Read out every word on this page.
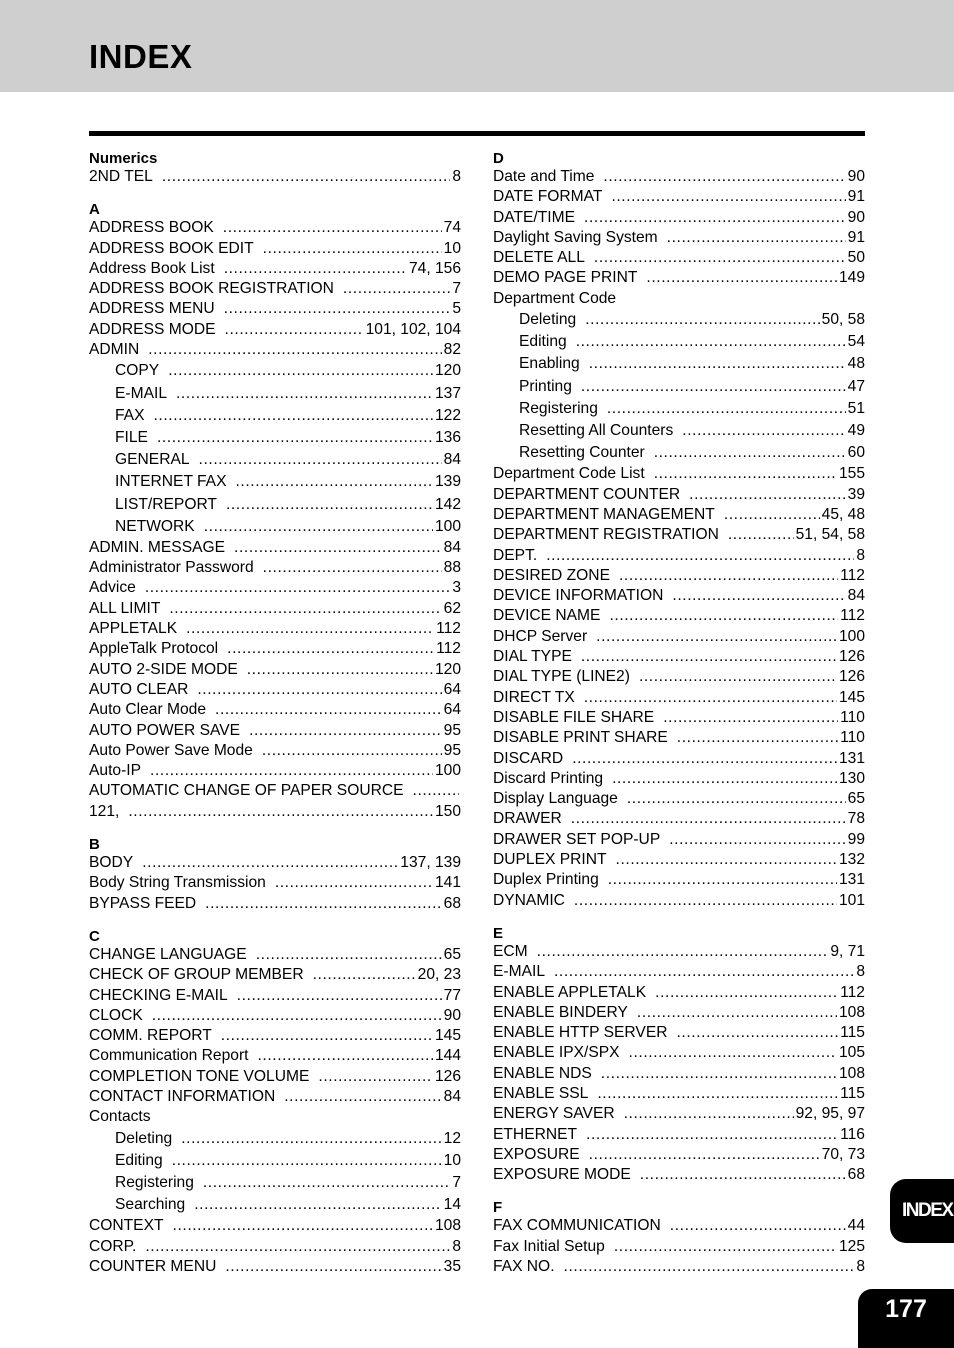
INDEX
Numerics
2ND TEL .....	8
A
ADDRESS BOOK .....	74
ADDRESS BOOK EDIT .....	10
Address Book List .....	74, 156
ADDRESS BOOK REGISTRATION .....	7
ADDRESS MENU .....	5
ADDRESS MODE .....	101, 102, 104
ADMIN .....	82
COPY .....	120
E-MAIL .....	137
FAX .....	122
FILE .....	136
GENERAL .....	84
INTERNET FAX .....	139
LIST/REPORT .....	142
NETWORK .....	100
ADMIN. MESSAGE .....	84
Administrator Password .....	88
Advice .....	3
ALL LIMIT .....	62
APPLETALK .....	112
AppleTalk Protocol .....	112
AUTO 2-SIDE MODE .....	120
AUTO CLEAR .....	64
Auto Clear Mode .....	64
AUTO POWER SAVE .....	95
Auto Power Save Mode .....	95
Auto-IP .....	100
AUTOMATIC CHANGE OF PAPER SOURCE
.....
121, .....	150
B
BODY .....	137, 139
Body String Transmission .....	141
BYPASS FEED .....	68
C
CHANGE LANGUAGE .....	65
CHECK OF GROUP MEMBER .....	20, 23
CHECKING E-MAIL .....	77
CLOCK .....	90
COMM. REPORT .....	145
Communication Report .....	144
COMPLETION TONE VOLUME .....	126
CONTACT INFORMATION .....	84
Contacts
Deleting .....	12
Editing .....	10
Registering .....	7
Searching .....	14
CONTEXT .....	108
CORP. .....	8
COUNTER MENU .....	35
D
Date and Time .....	90
DATE FORMAT .....	91
DATE/TIME .....	90
Daylight Saving System .....	91
DELETE ALL .....	50
DEMO PAGE PRINT .....	149
Department Code
Deleting .....	50, 58
Editing .....	54
Enabling .....	48
Printing .....	47
Registering .....	51
Resetting All Counters .....	49
Resetting Counter .....	60
Department Code List .....	155
DEPARTMENT COUNTER .....	39
DEPARTMENT MANAGEMENT .....	45, 48
DEPARTMENT REGISTRATION .....	51, 54, 58
DEPT. .....	8
DESIRED ZONE .....	112
DEVICE INFORMATION .....	84
DEVICE NAME .....	112
DHCP Server .....	100
DIAL TYPE .....	126
DIAL TYPE (LINE2) .....	126
DIRECT TX .....	145
DISABLE FILE SHARE .....	110
DISABLE PRINT SHARE .....	110
DISCARD .....	131
Discard Printing .....	130
Display Language .....	65
DRAWER .....	78
DRAWER SET POP-UP .....	99
DUPLEX PRINT .....	132
Duplex Printing .....	131
DYNAMIC .....	101
E
ECM .....	9, 71
E-MAIL .....	8
ENABLE APPLETALK .....	112
ENABLE BINDERY .....	108
ENABLE HTTP SERVER .....	115
ENABLE IPX/SPX .....	105
ENABLE NDS .....	108
ENABLE SSL .....	115
ENERGY SAVER .....	92, 95, 97
ETHERNET .....	116
EXPOSURE .....	70, 73
EXPOSURE MODE .....	68
F
FAX COMMUNICATION .....	44
Fax Initial Setup .....	125
FAX NO. .....	8
INDEX
177
